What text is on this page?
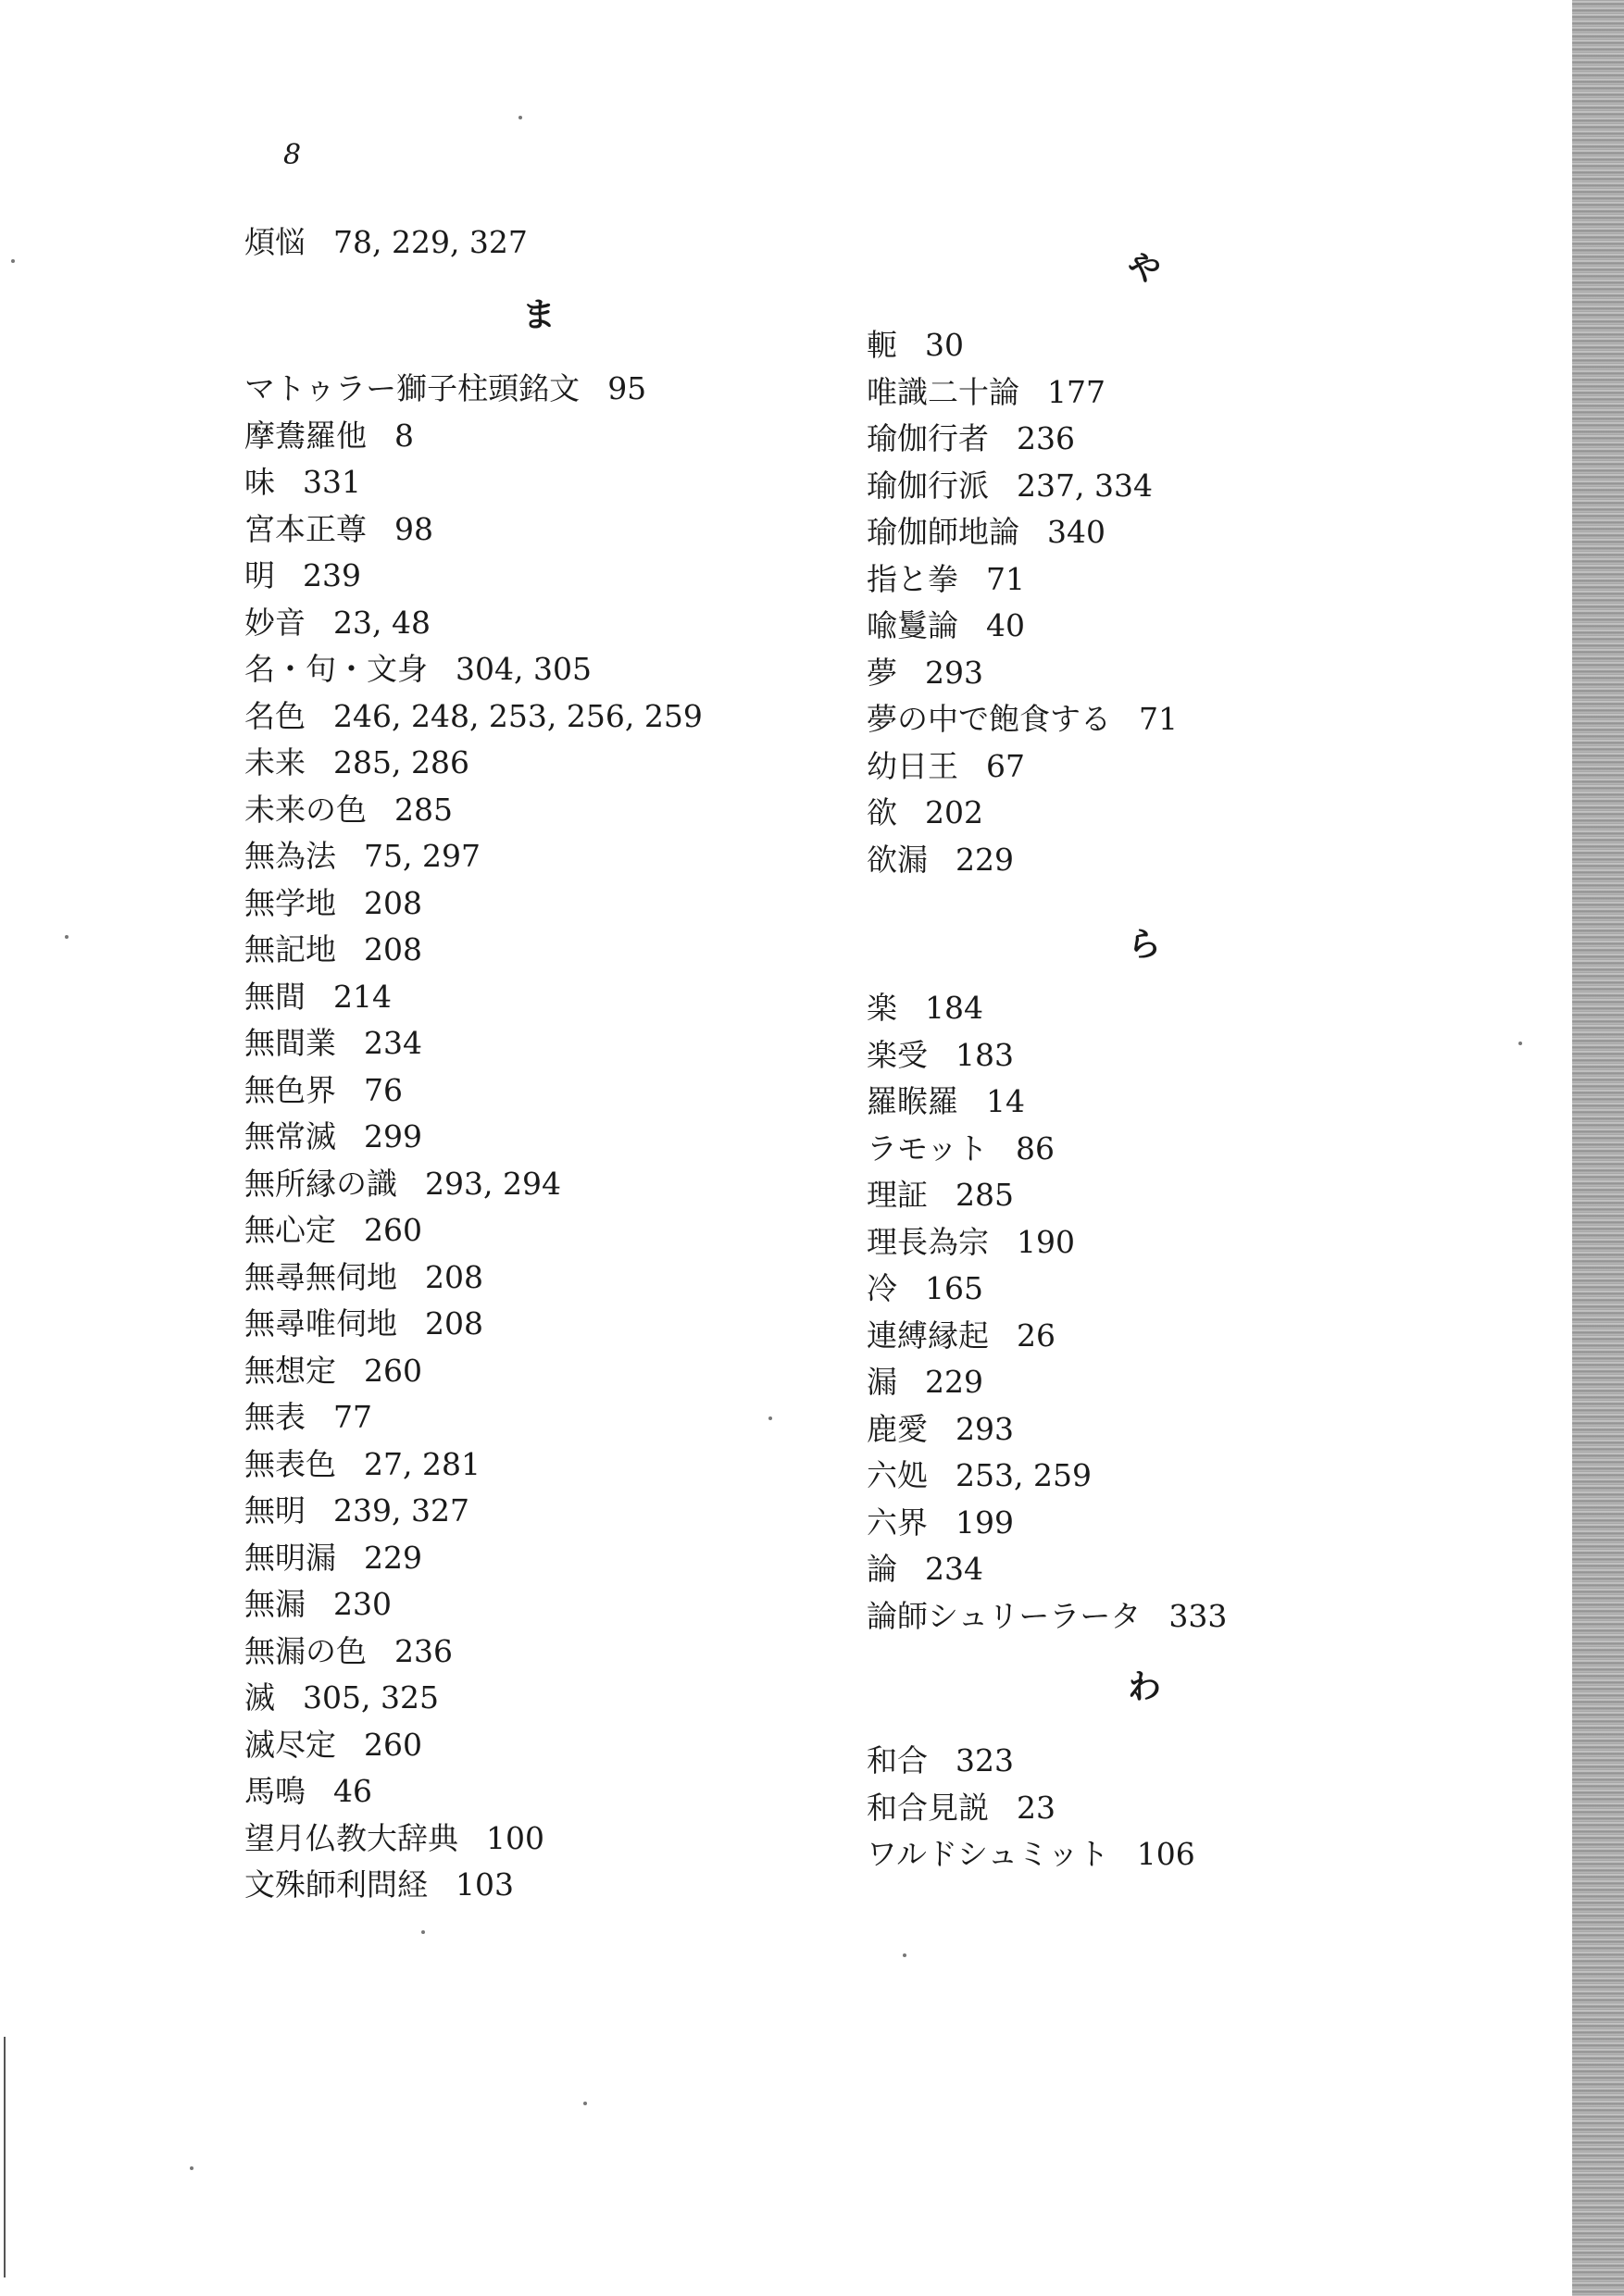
8
煩悩 78, 229, 327
ま
マトゥラー獅子柱頭銘文 95
摩鴦羅他 8
味 331
宮本正尊 98
明 239
妙音 23, 48
名・句・文身 304, 305
名色 246, 248, 253, 256, 259
未来 285, 286
未来の色 285
無為法 75, 297
無学地 208
無記地 208
無間 214
無間業 234
無色界 76
無常滅 299
無所縁の識 293, 294
無心定 260
無尋無伺地 208
無尋唯伺地 208
無想定 260
無表 77
無表色 27, 281
無明 239, 327
無明漏 229
無漏 230
無漏の色 236
滅 305, 325
滅尽定 260
馬鳴 46
望月仏教大辞典 100
文殊師利問経 103
や
軛 30
唯識二十論 177
瑜伽行者 236
瑜伽行派 237, 334
瑜伽師地論 340
指と拳 71
喩鬘論 40
夢 293
夢の中で飽食する 71
幼日王 67
欲 202
欲漏 229
ら
楽 184
楽受 183
羅睺羅 14
ラモット 86
理証 285
理長為宗 190
冷 165
連縛縁起 26
漏 229
鹿愛 293
六処 253, 259
六界 199
論 234
論師シュリーラータ 333
わ
和合 323
和合見説 23
ワルドシュミット 106
